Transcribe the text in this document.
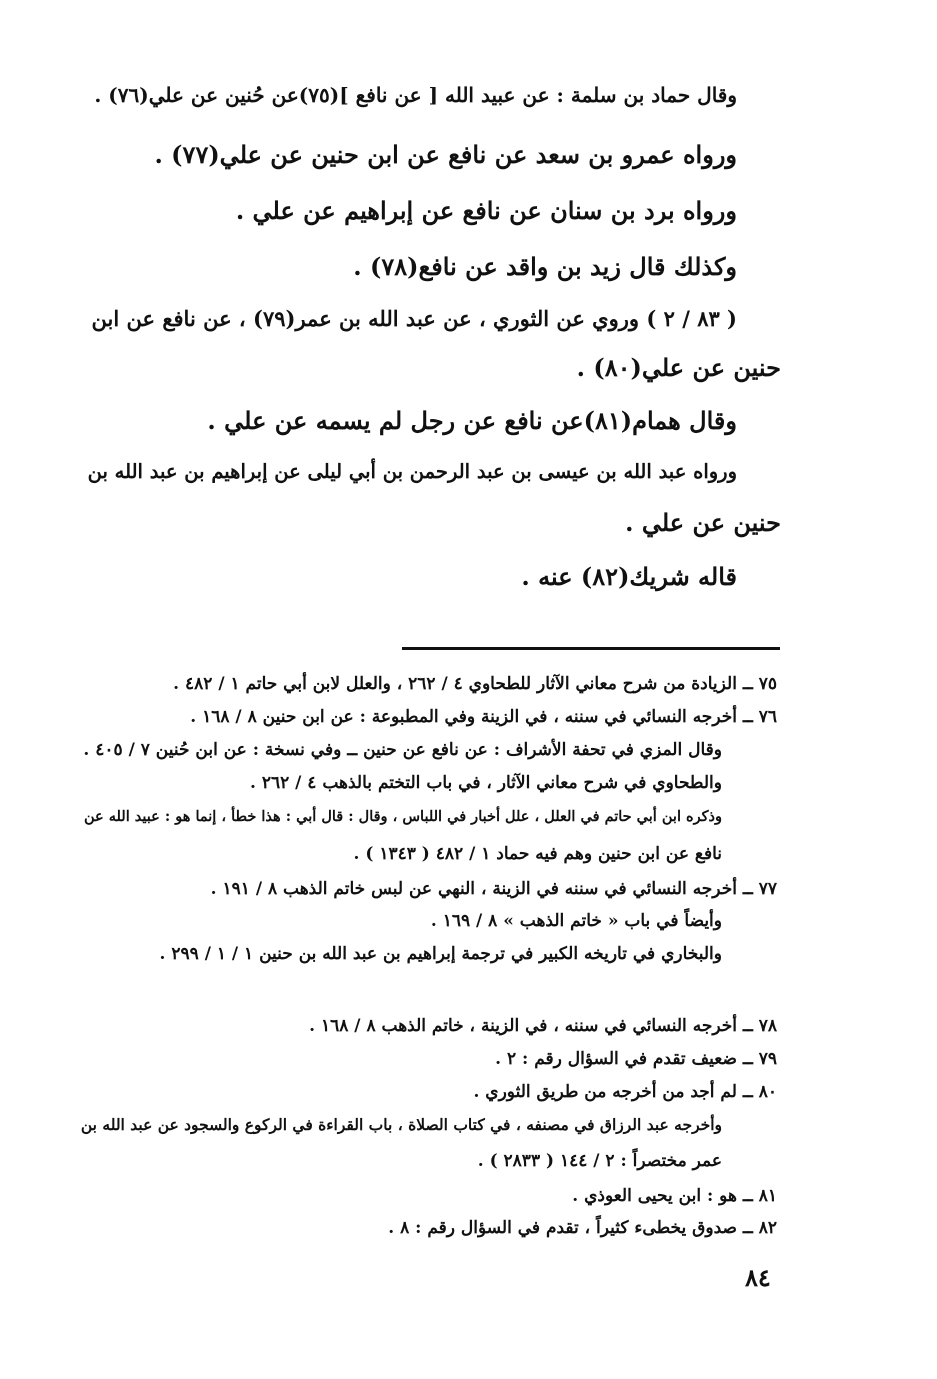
وقال حماد بن سلمة : عن عبيد الله [ عن نافع ](٧٥)عن حُنين عن علي(٧٦) .
ورواه عمرو بن سعد عن نافع عن ابن حنين عن علي(٧٧) .
ورواه برد بن سنان عن نافع عن إبراهيم عن علي .
وكذلك قال زيد بن واقد عن نافع(٧٨) .
( ٨٣ / ٢ ) وروي عن الثوري ، عن عبد الله بن عمر(٧٩) ، عن نافع عن ابن
حنين عن علي(٨٠) .
وقال همام(٨١)عن نافع عن رجل لم يسمه عن علي .
ورواه عبد الله بن عيسى بن عبد الرحمن بن أبي ليلى عن إبراهيم بن عبد الله بن
حنين عن علي .
قاله شريك(٨٢) عنه .
٧٥ ــ الزيادة من شرح معاني الآثار للطحاوي ٤ / ٢٦٢ ، والعلل لابن أبي حاتم ١ / ٤٨٢ .
٧٦ ــ أخرجه النسائي في سننه ، في الزينة وفي المطبوعة : عن ابن حنين ٨ / ١٦٨ .
وقال المزي في تحفة الأشراف : عن نافع عن حنين ــ وفي نسخة : عن ابن حُنين ٧ / ٤٠٥ .
والطحاوي في شرح معاني الآثار ، في باب التختم بالذهب ٤ / ٢٦٢ .
وذكره ابن أبي حاتم في العلل ، علل أخبار في اللباس ، وقال : قال أبي : هذا خطأ ، إنما هو : عبيد الله عن
نافع عن ابن حنين وهم فيه حماد ١ / ٤٨٢ ( ١٣٤٣ ) .
٧٧ ــ أخرجه النسائي في سننه في الزينة ، النهي عن لبس خاتم الذهب ٨ / ١٩١ .
وأيضاً في باب « خاتم الذهب » ٨ / ١٦٩ .
والبخاري في تاريخه الكبير في ترجمة إبراهيم بن عبد الله بن حنين ١ / ١ / ٢٩٩ .
٧٨ ــ أخرجه النسائي في سننه ، في الزينة ، خاتم الذهب ٨ / ١٦٨ .
٧٩ ــ ضعيف تقدم في السؤال رقم : ٢ .
٨٠ ــ لم أجد من أخرجه من طريق الثوري .
وأخرجه عبد الرزاق في مصنفه ، في كتاب الصلاة ، باب القراءة في الركوع والسجود عن عبد الله بن
عمر مختصراً : ٢ / ١٤٤ ( ٢٨٣٣ ) .
٨١ ــ هو : ابن يحيى العوذي .
٨٢ ــ صدوق يخطىء كثيراً ، تقدم في السؤال رقم : ٨ .
٨٤
